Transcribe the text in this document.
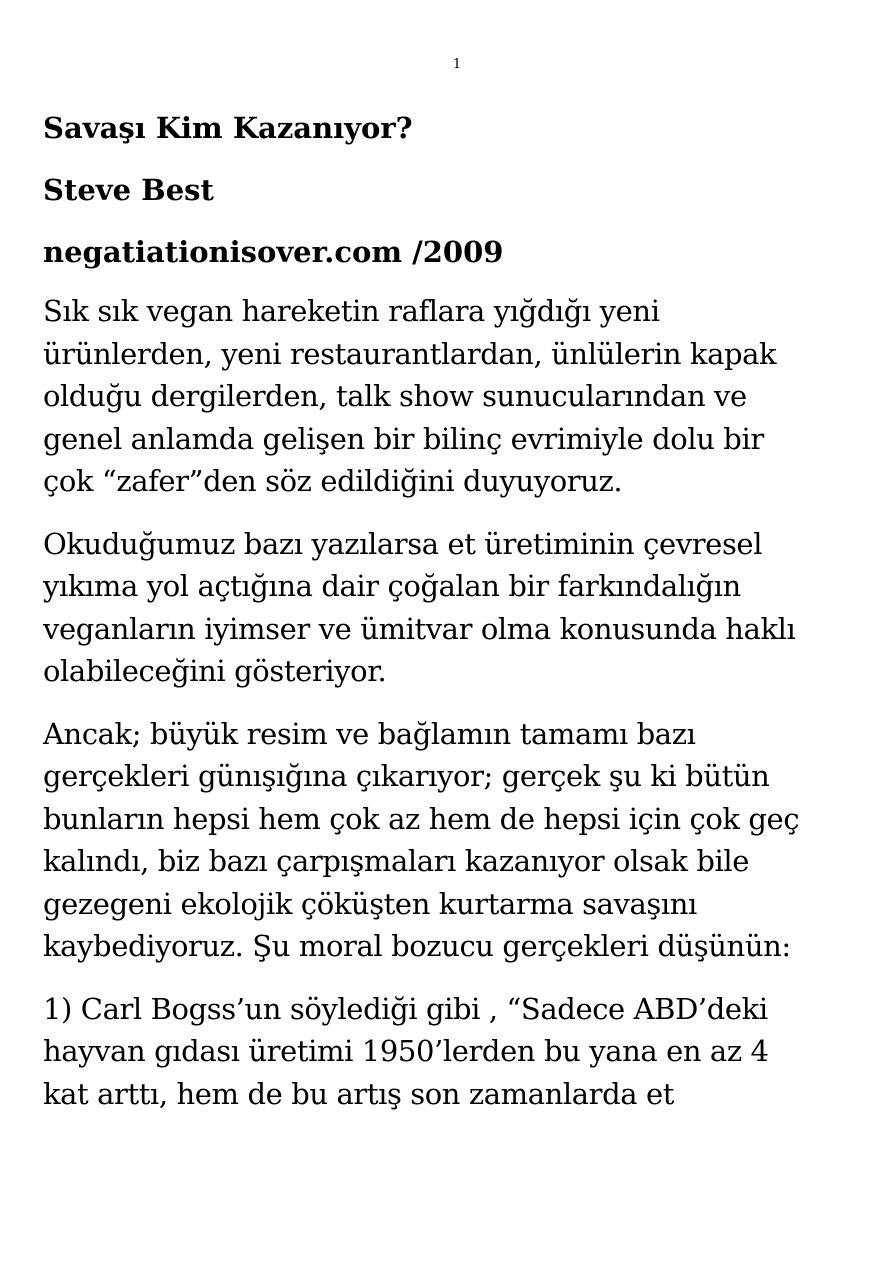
1
Savaşı Kim Kazanıyor?
Steve Best
negatiationisover.com /2009
Sık sık vegan hareketin raflara yığdığı yeni
ürünlerden, yeni restaurantlardan, ünlülerin kapak
olduğu dergilerden, talk show sunucularından ve
genel anlamda gelişen bir bilinç evrimiyle dolu bir
çok “zafer”den söz edildiğini duyuyoruz.
Okuduğumuz bazı yazılarsa et üretiminin çevresel
yıkıma yol açtığına dair çoğalan bir farkındalığın
veganların iyimser ve ümitvar olma konusunda haklı
olabileceğini gösteriyor.
Ancak; büyük resim ve bağlamın tamamı bazı
gerçekleri günışığına çıkarıyor; gerçek şu ki bütün
bunların hepsi hem çok az hem de hepsi için çok geç
kalındı, biz bazı çarpışmaları kazanıyor olsak bile
gezegeni ekolojik çöküşten kurtarma savaşını
kaybediyoruz. Şu moral bozucu gerçekleri düşünün:
1) Carl Bogss’un söylediği gibi , “Sadece ABD’deki
hayvan gıdası üretimi 1950’lerden bu yana en az 4
kat arttı, hem de bu artış son zamanlarda et
